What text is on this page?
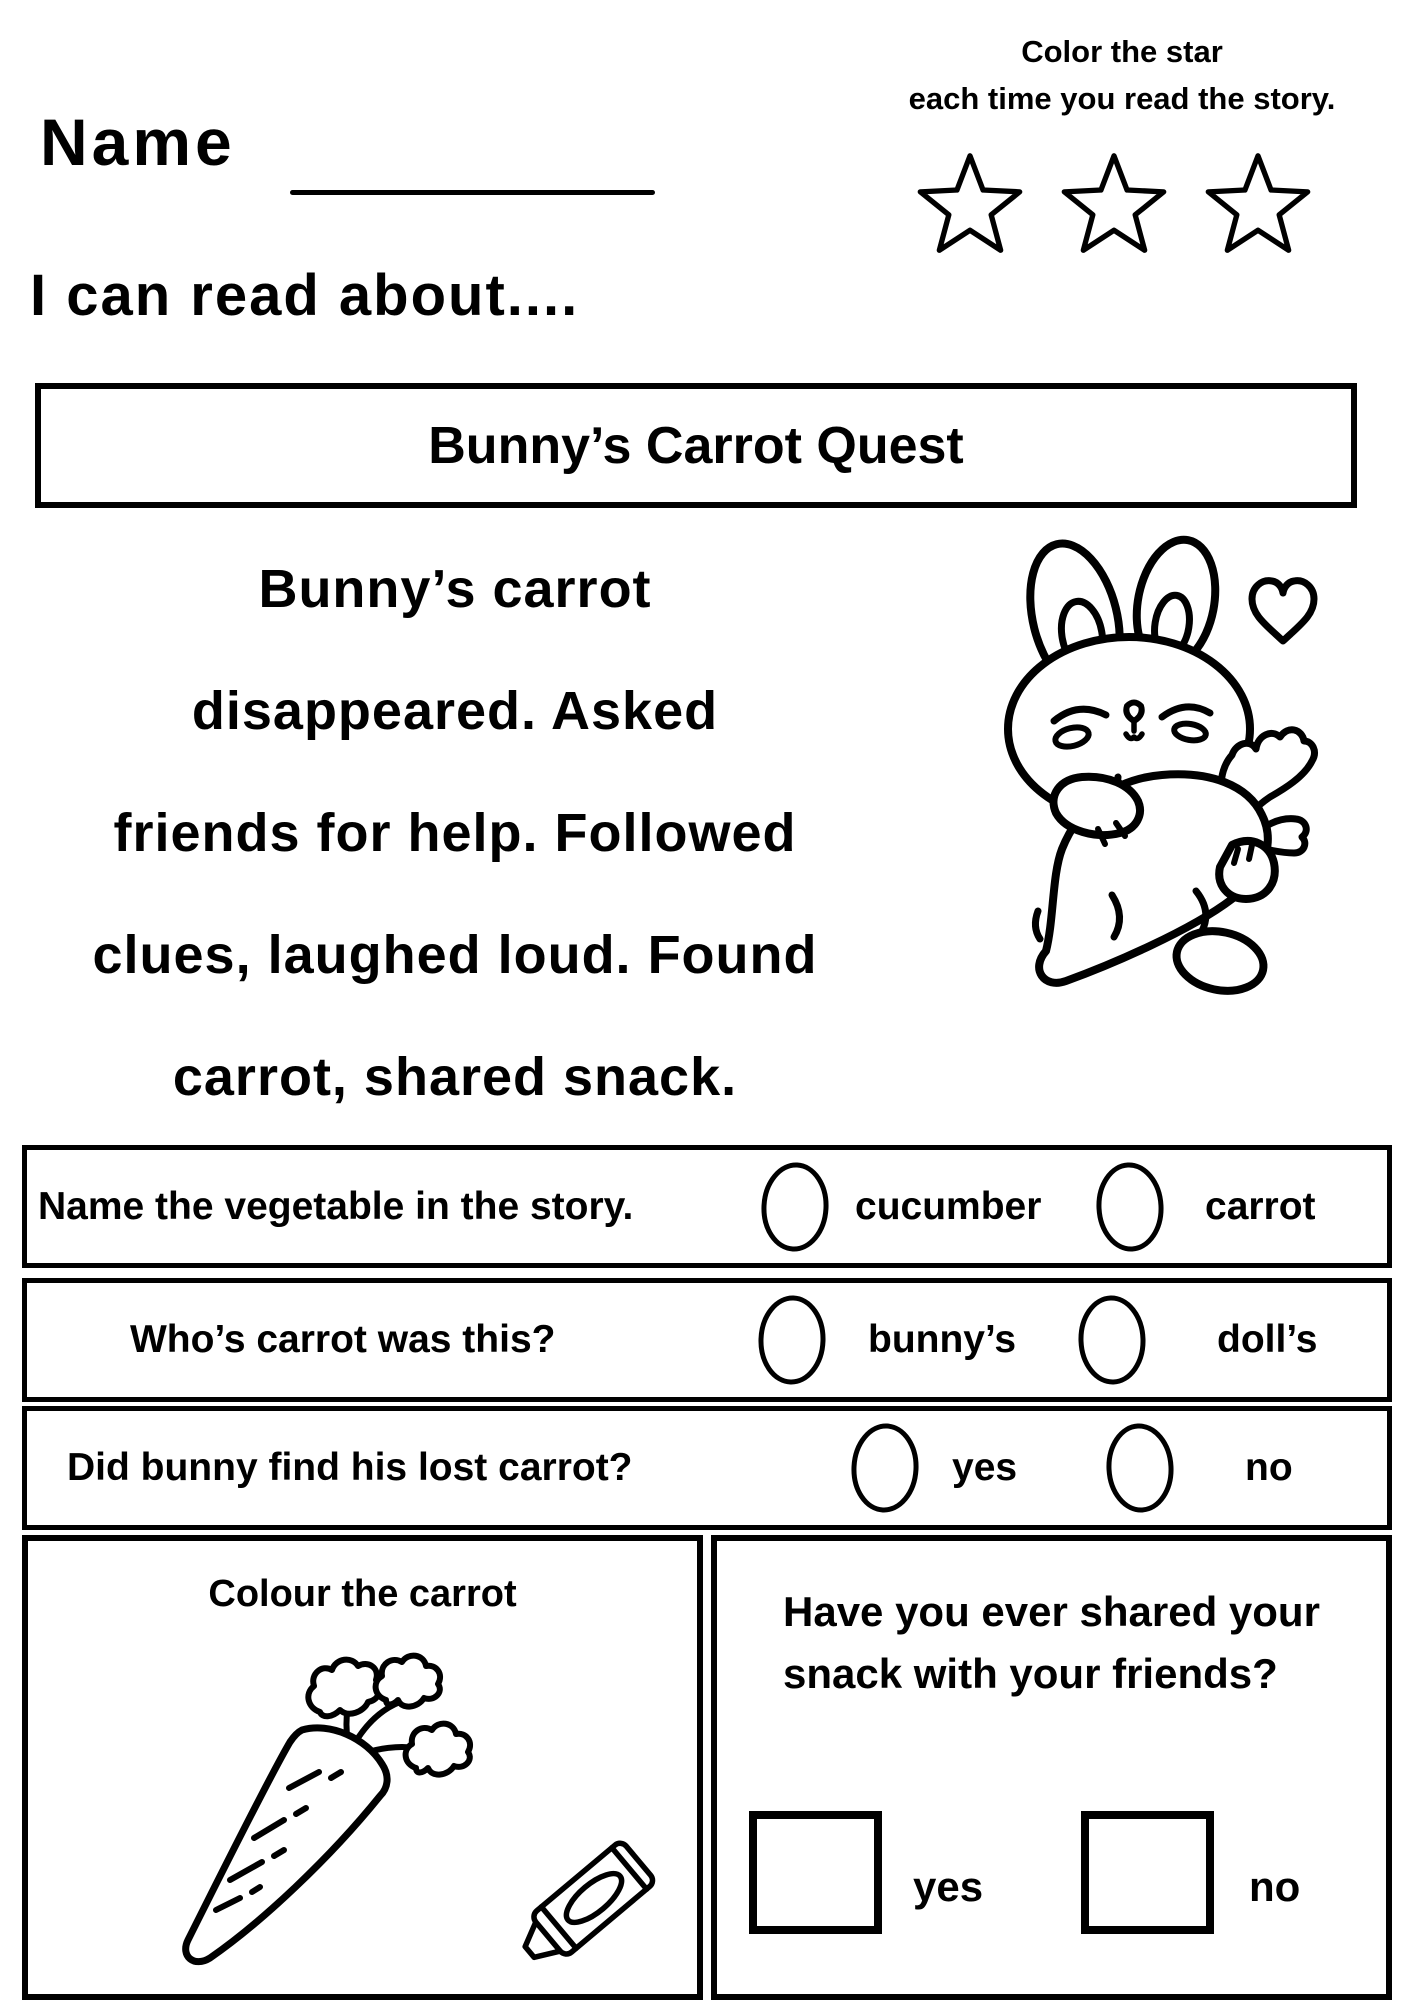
Name
Color the star
each time you read the story.
I can read about....
Bunny’s Carrot Quest
Bunny’s carrot
disappeared. Asked
friends for help. Followed
clues, laughed loud. Found
carrot, shared snack.
Name the vegetable in the story.	cucumber	carrot
Who’s carrot was this?	bunny’s	doll’s
Did bunny find his lost carrot?	yes	no
Colour the carrot	Have you ever shared your snack with your friends?
yes	no
